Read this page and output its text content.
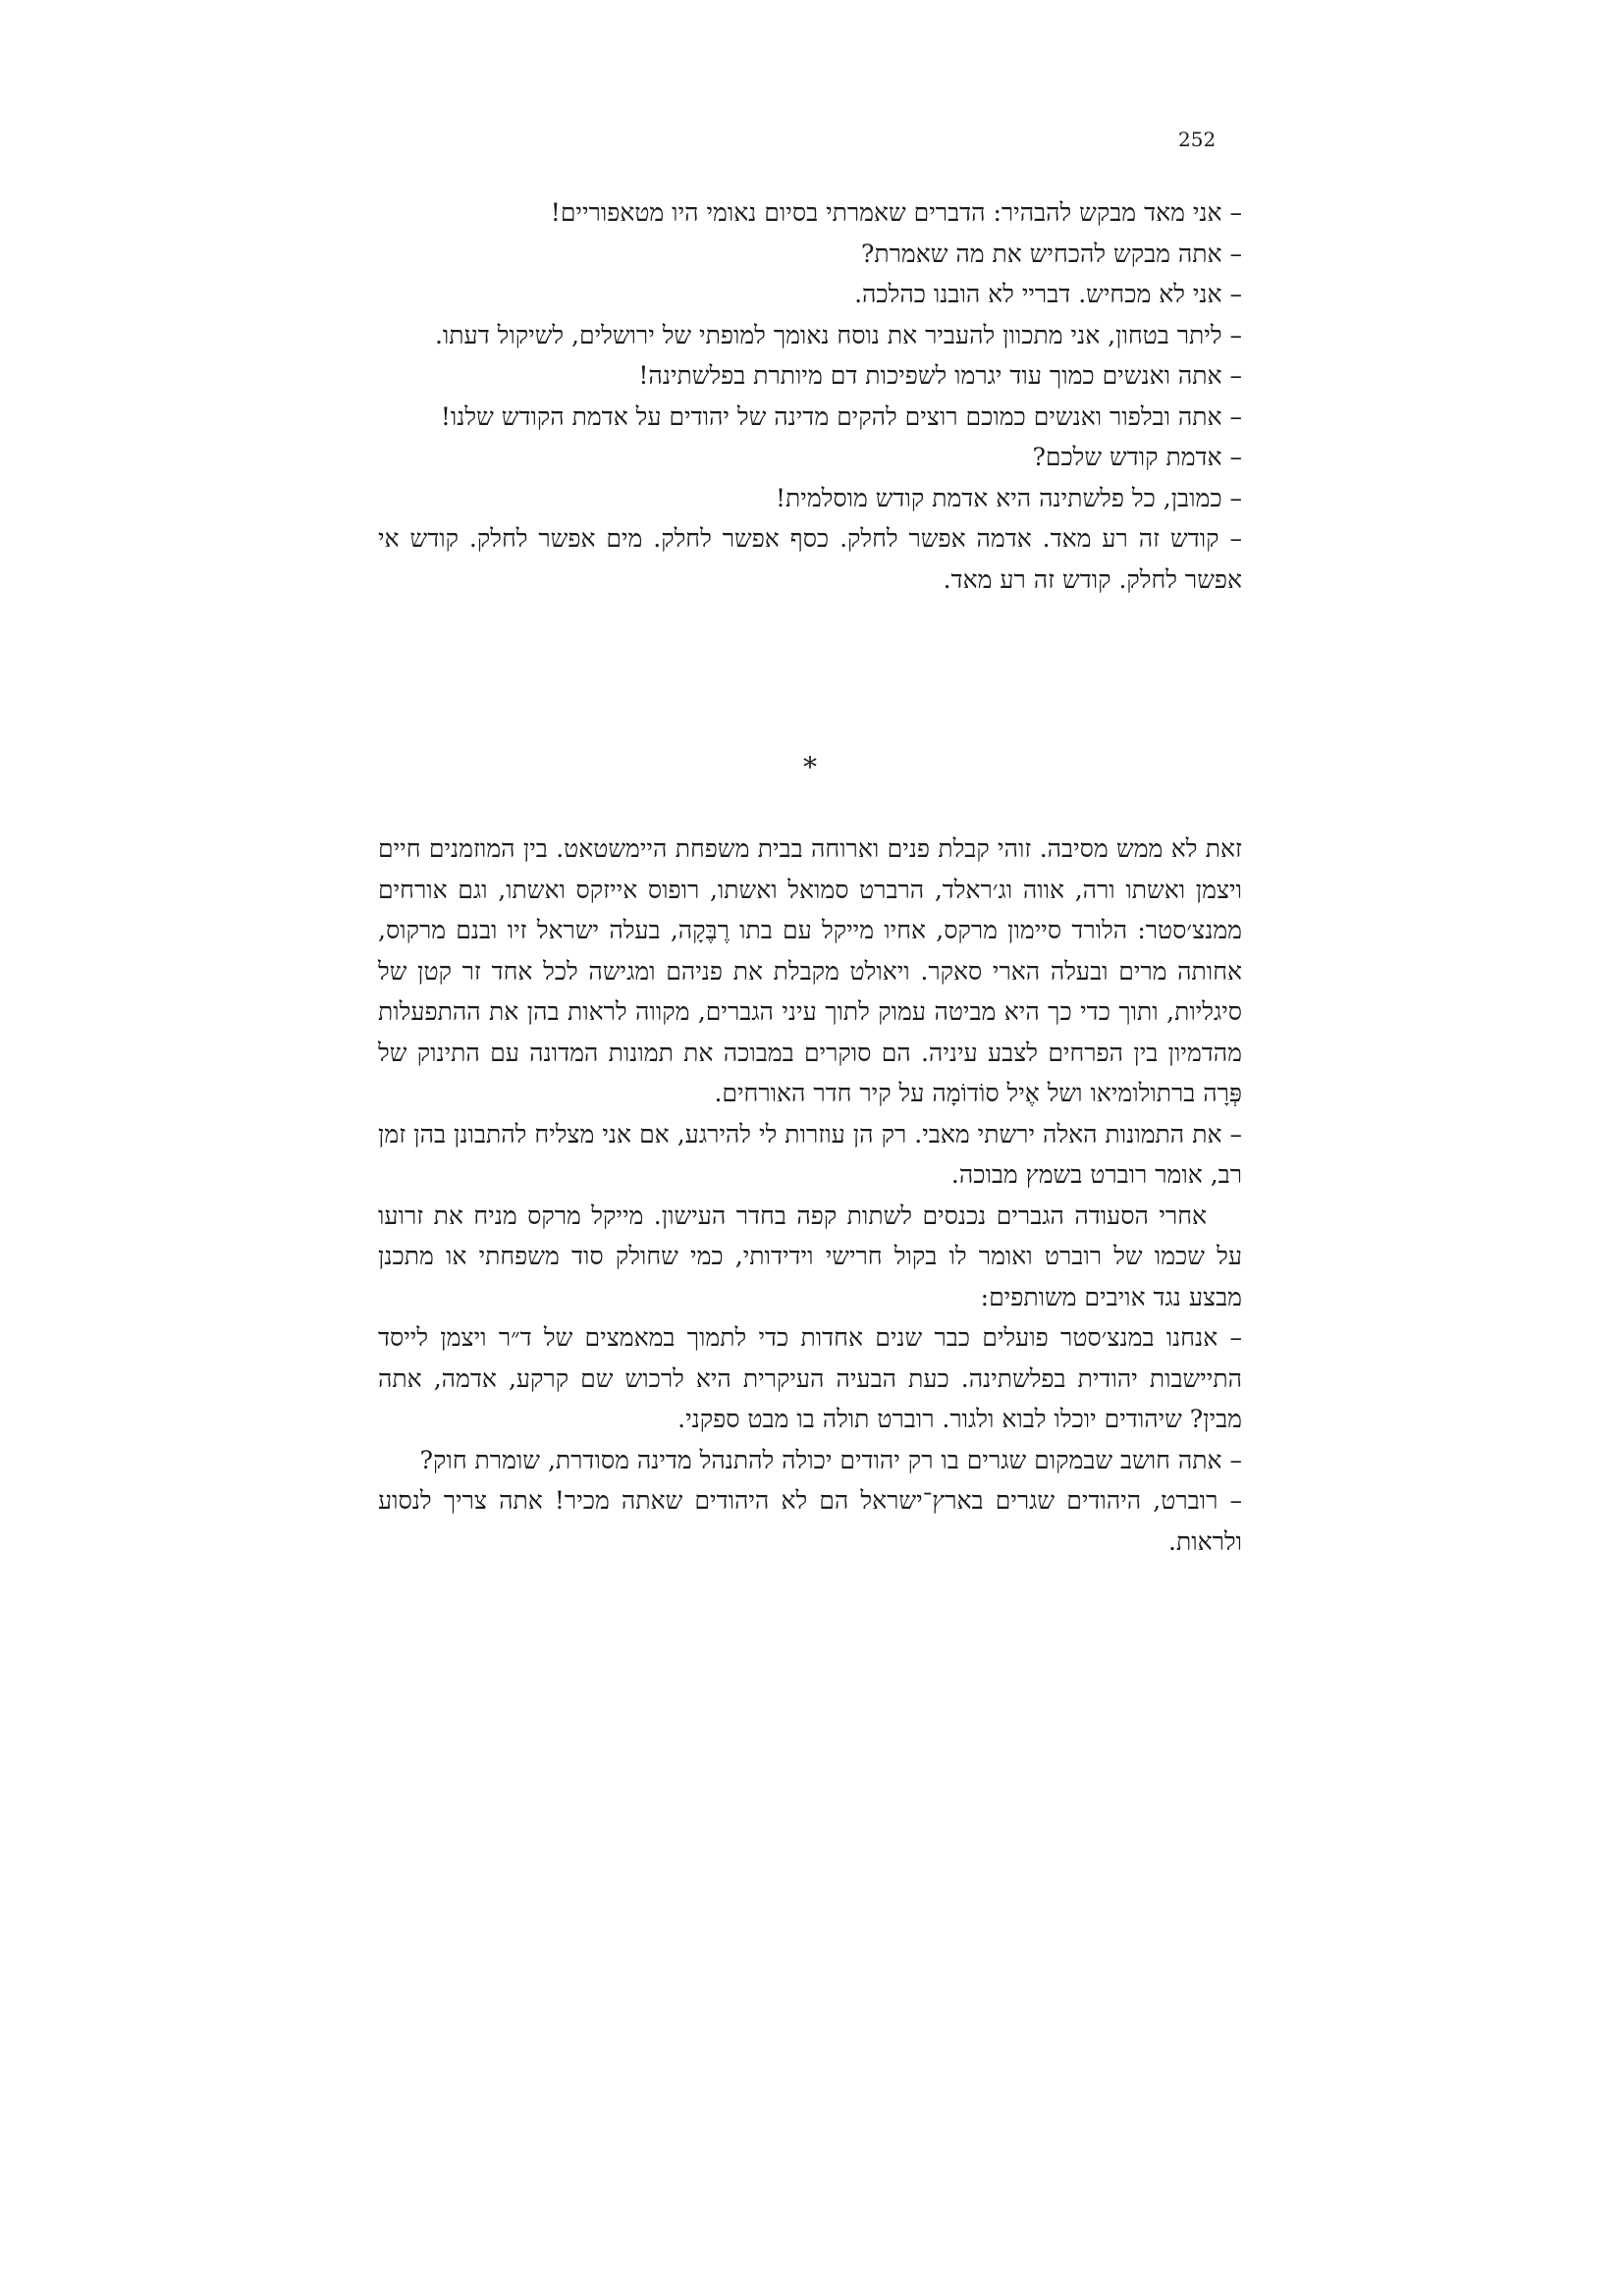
252

– אני מאד מבקש להבהיר: הדברים שאמרתי בסיום נאומי היו מטאפוריים!

– אתה מבקש להכחיש את מה שאמרת?

– אני לא מכחיש. דבריי לא הובנו כהלכה.

– ליתר בטחון, אני מתכוון להעביר את נוסח נאומך למופתי של ירושלים, לשיקול דעתו.

– אתה ואנשים כמוך עוד יגרמו לשפיכות דם מיותרת בפלשתינה!

– אתה ובלפור ואנשים כמוכם רוצים להקים מדינה של יהודים על אדמת הקודש שלנו!

– אדמת קודש שלכם?

– כמובן, כל פלשתינה היא אדמת קודש מוסלמית!

– קודש זה רע מאד. אדמה אפשר לחלק. כסף אפשר לחלק. מים אפשר לחלק. קודש אי אפשר לחלק. קודש זה רע מאד.

*

זאת לא ממש מסיבה. זוהי קבלת פנים וארוחה בבית משפחת היימשטאט. בין המוזמנים חיים ויצמן ואשתו ורה, אווה וג׳ראלד, הרברט סמואל ואשתו, רופוס אייזקס ואשתו, וגם אורחים ממנצ׳סטר: הלורד סיימון מרקס, אחיו מייקל עם בתו רֶבֶּקָה, בעלה ישראל זיו ובנם מרקוס, אחותה מרים ובעלה הארי סאקר. ויאולט מקבלת את פניהם ומגישה לכל אחד זר קטן של סיגליות, ותוך כדי כך היא מביטה עמוק לתוך עיני הגברים, מקווה לראות בהן את ההתפעלות מהדמיון בין הפרחים לצבע עיניה. הם סוקרים במבוכה את תמונות המדונה עם התינוק של פְּרָה ברתולומיאו ושל אֶיל סוֹדוֹמָה על קיר חדר האורחים.

– את התמונות האלה ירשתי מאבי. רק הן עוזרות לי להירגע, אם אני מצליח להתבונן בהן זמן רב, אומר רוברט בשמץ מבוכה.

אחרי הסעודה הגברים נכנסים לשתות קפה בחדר העישון. מייקל מרקס מניח את זרועו על שכמו של רוברט ואומר לו בקול חרישי וידידותי, כמי שחולק סוד משפחתי או מתכנן מבצע נגד אויבים משותפים:

– אנחנו במנצ׳סטר פועלים כבר שנים אחדות כדי לתמוך במאמצים של ד״ר ויצמן לייסד התיישבות יהודית בפלשתינה. כעת הבעיה העיקרית היא לרכוש שם קרקע, אדמה, אתה מבין? שיהודים יוכלו לבוא ולגור. רוברט תולה בו מבט ספקני.

– אתה חושב שבמקום שגרים בו רק יהודים יכולה להתנהל מדינה מסודרת, שומרת חוק?

– רוברט, היהודים שגרים בארץ־ישראל הם לא היהודים שאתה מכיר! אתה צריך לנסוע ולראות.
